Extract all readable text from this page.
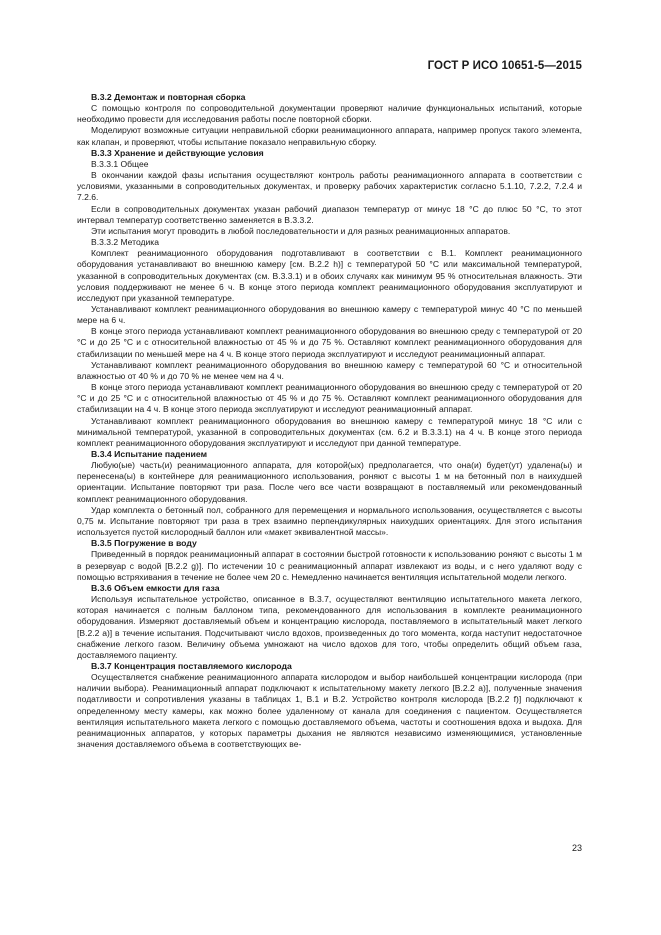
ГОСТ Р ИСО 10651-5—2015
B.3.2 Демонтаж и повторная сборка

С помощью контроля по сопроводительной документации проверяют наличие функциональных испытаний, которые необходимо провести для исследования работы после повторной сборки.

Моделируют возможные ситуации неправильной сборки реанимационного аппарата, например пропуск такого элемента, как клапан, и проверяют, чтобы испытание показало неправильную сборку.

B.3.3 Хранение и действующие условия
B.3.3.1 Общее

В окончании каждой фазы испытания осуществляют контроль работы реанимационного аппарата в соответствии с условиями, указанными в сопроводительных документах, и проверку рабочих характеристик согласно 5.1.10, 7.2.2, 7.2.4 и 7.2.6.

Если в сопроводительных документах указан рабочий диапазон температур от минус 18 °С до плюс 50 °С, то этот интервал температур соответственно заменяется в В.3.3.2.

Эти испытания могут проводить в любой последовательности и для разных реанимационных аппаратов.

В.3.3.2 Методика

Комплект реанимационного оборудования подготавливают в соответствии с В.1. Комплект реанимационного оборудования устанавливают во внешнюю камеру [см. В.2.2 h)] с температурой 50 °С или максимальной температурой, указанной в сопроводительных документах (см. В.3.3.1) и в обоих случаях как минимум 95 % относительная влажность. Эти условия поддерживают не менее 6 ч. В конце этого периода комплект реанимационного оборудования эксплуатируют и исследуют при указанной температуре.

Устанавливают комплект реанимационного оборудования во внешнюю камеру с температурой минус 40 °С по меньшей мере на 6 ч.

В конце этого периода устанавливают комплект реанимационного оборудования во внешнюю среду с температурой от 20 °С и до 25 °С и с относительной влажностью от 45 % и до 75 %. Оставляют комплект реанимационного оборудования для стабилизации по меньшей мере на 4 ч. В конце этого периода эксплуатируют и исследуют реанимационный аппарат.

Устанавливают комплект реанимационного оборудования во внешнюю камеру с температурой 60 °С и относительной влажностью от 40 % и до 70 % не менее чем на 4 ч.

В конце этого периода устанавливают комплект реанимационного оборудования во внешнюю среду с температурой от 20 °С и до 25 °С и с относительной влажностью от 45 % и до 75 %. Оставляют комплект реанимационного оборудования для стабилизации на 4 ч. В конце этого периода эксплуатируют и исследуют реанимационный аппарат.

Устанавливают комплект реанимационного оборудования во внешнюю камеру с температурой минус 18 °С или с минимальной температурой, указанной в сопроводительных документах (см. 6.2 и В.3.3.1) на 4 ч. В конце этого периода комплект реанимационного оборудования эксплуатируют и исследуют при данной температуре.

В.3.4 Испытание падением

Любую(ые) часть(и) реанимационного аппарата, для которой(ых) предполагается, что она(и) будет(ут) удалена(ы) и перенесена(ы) в контейнере для реанимационного использования, роняют с высоты 1 м на бетонный пол в наихудшей ориентации. Испытание повторяют три раза. После чего все части возвращают в поставляемый или рекомендованный комплект реанимационного оборудования.

Удар комплекта о бетонный пол, собранного для перемещения и нормального использования, осуществляется с высоты 0,75 м. Испытание повторяют три раза в трех взаимно перпендикулярных наихудших ориентациях. Для этого испытания используется пустой кислородный баллон или «макет эквивалентной массы».

В.3.5 Погружение в воду

Приведенный в порядок реанимационный аппарат в состоянии быстрой готовности к использованию роняют с высоты 1 м в резервуар с водой [В.2.2 g)]. По истечении 10 с реанимационный аппарат извлекают из воды, и с него удаляют воду с помощью встряхивания в течение не более чем 20 с. Немедленно начинается вентиляция испытательной модели легкого.

В.3.6 Объем емкости для газа

Используя испытательное устройство, описанное в В.3.7, осуществляют вентиляцию испытательного макета легкого, которая начинается с полным баллоном типа, рекомендованного для использования в комплекте реанимационного оборудования. Измеряют доставляемый объем и концентрацию кислорода, поставляемого в испытательный макет легкого [В.2.2 а)] в течение испытания. Подсчитывают число вдохов, произведенных до того момента, когда наступит недостаточное снабжение легкого газом. Величину объема умножают на число вдохов для того, чтобы определить общий объем газа, доставляемого пациенту.

В.3.7 Концентрация поставляемого кислорода

Осуществляется снабжение реанимационного аппарата кислородом и выбор наибольшей концентрации кислорода (при наличии выбора). Реанимационный аппарат подключают к испытательному макету легкого [В.2.2 а)], полученные значения податливости и сопротивления указаны в таблицах 1, В.1 и В.2. Устройство контроля кислорода [В.2.2 f)] подключают к определенному месту камеры, как можно более удаленному от канала для соединения с пациентом. Осуществляется вентиляция испытательного макета легкого с помощью доставляемого объема, частоты и соотношения вдоха и выдоха. Для реанимационных аппаратов, у которых параметры дыхания не являются независимо изменяющимися, установленные значения доставляемого объема в соответствующих ве-

23
